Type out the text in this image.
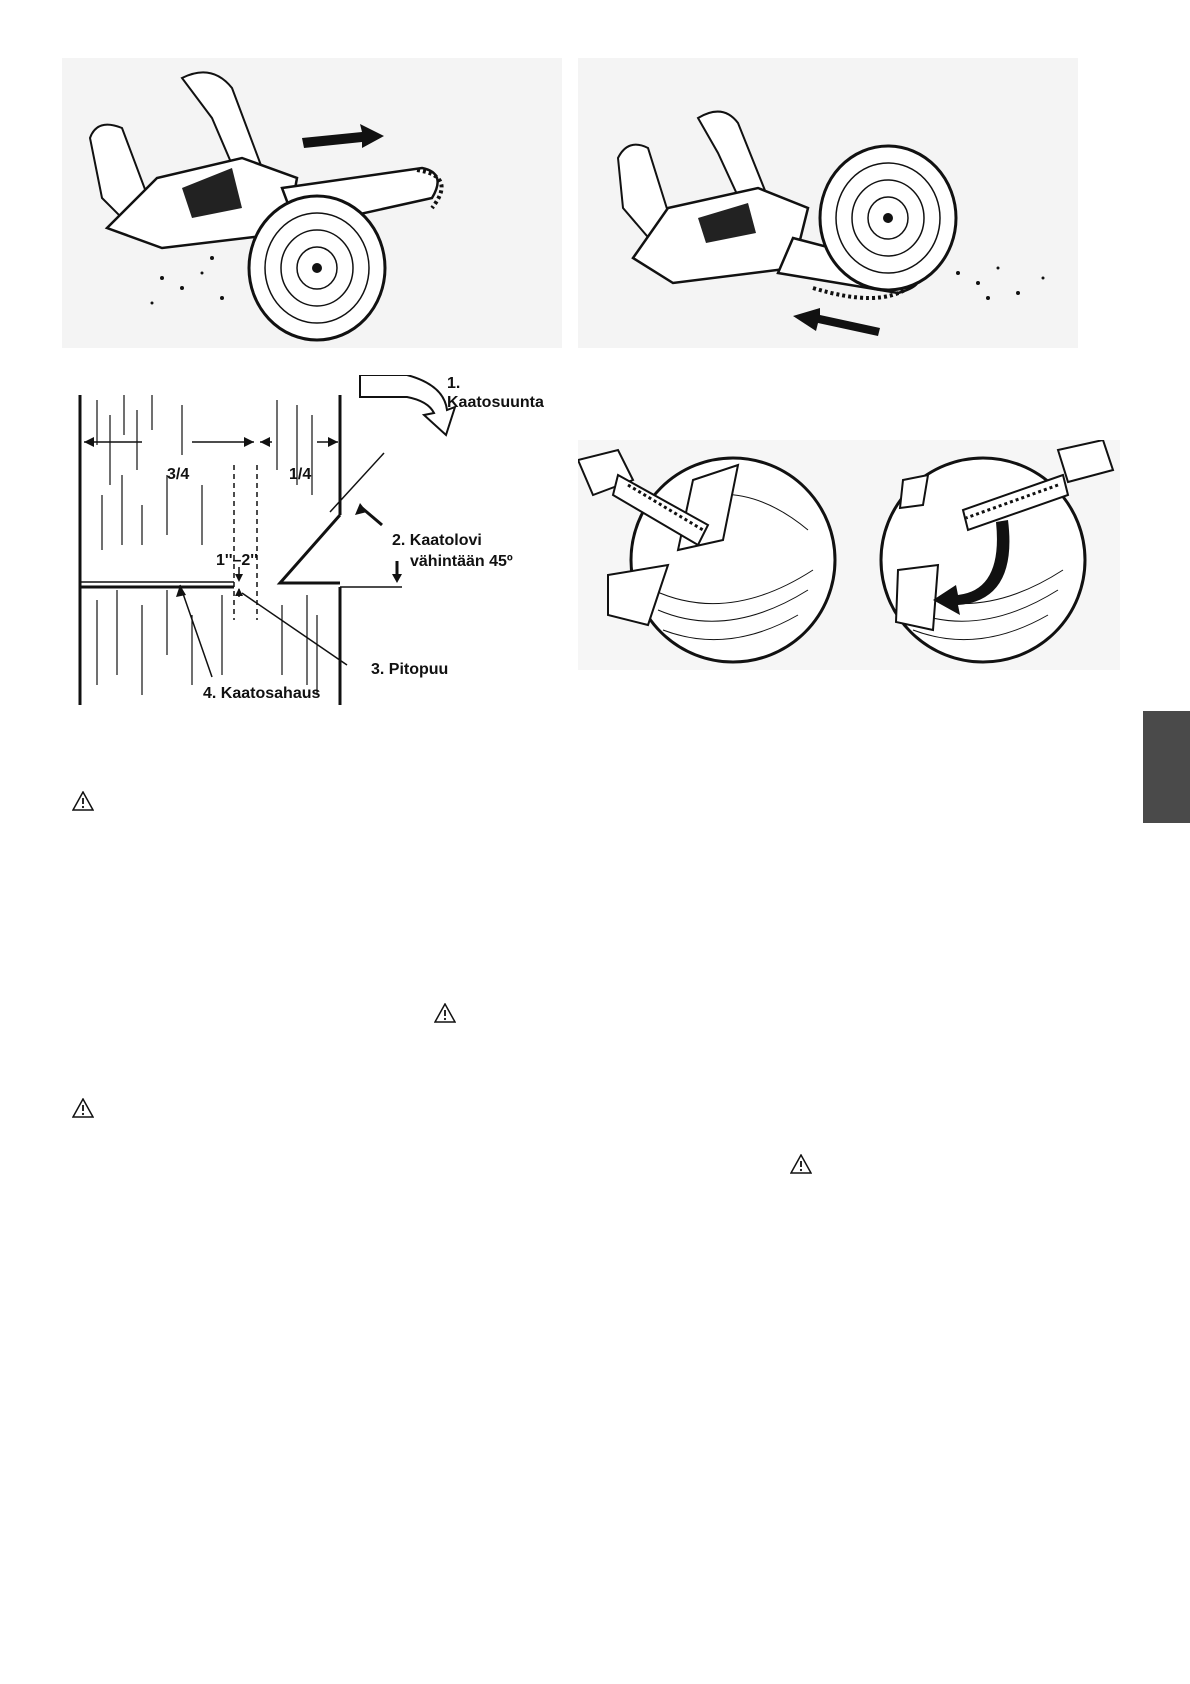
1.
Kaatosuunta
3/4	1/4
2. Kaatolovi
vähintään 45º
1''–2''
3. Pitopuu
4. Kaatosahaus
